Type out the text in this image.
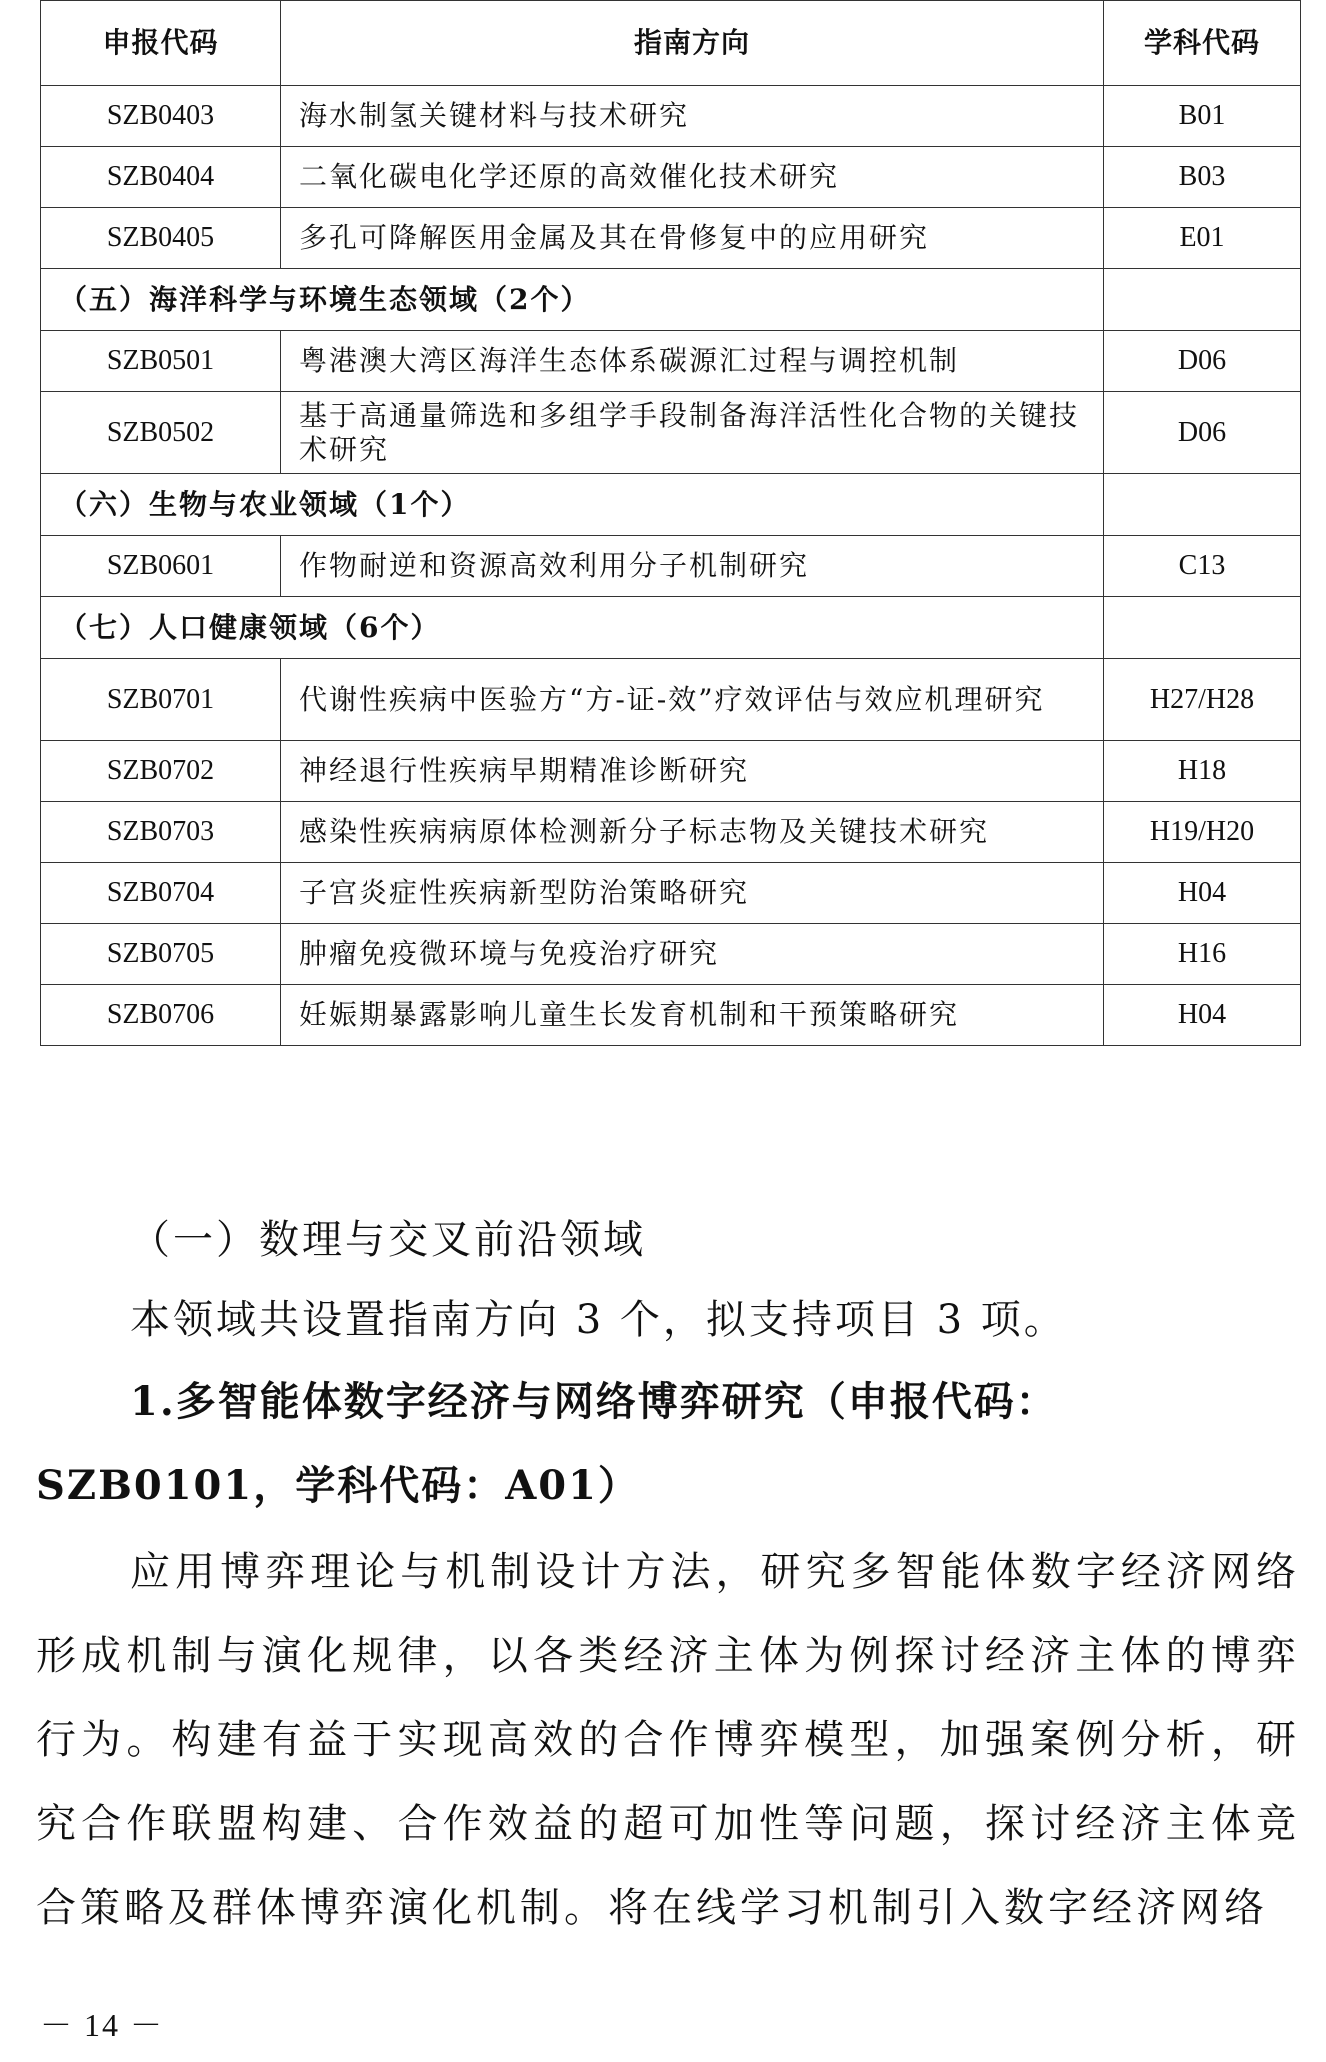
申报代码	指南方向	学科代码
SZB0403	海水制氢关键材料与技术研究	B01
SZB0404	二氧化碳电化学还原的高效催化技术研究	B03
SZB0405	多孔可降解医用金属及其在骨修复中的应用研究	E01
（五）海洋科学与环境生态领域（2个）		
SZB0501	粤港澳大湾区海洋生态体系碳源汇过程与调控机制	D06
SZB0502	基于高通量筛选和多组学手段制备海洋活性化合物的关键技术研究	D06
（六）生物与农业领域（1个）		
SZB0601	作物耐逆和资源高效利用分子机制研究	C13
（七）人口健康领域（6个）		
SZB0701	代谢性疾病中医验方“方-证-效”疗效评估与效应机理研究	H27/H28
SZB0702	神经退行性疾病早期精准诊断研究	H18
SZB0703	感染性疾病病原体检测新分子标志物及关键技术研究	H19/H20
SZB0704	子宫炎症性疾病新型防治策略研究	H04
SZB0705	肿瘤免疫微环境与免疫治疗研究	H16
SZB0706	妊娠期暴露影响儿童生长发育机制和干预策略研究	H04
（一）数理与交叉前沿领域
本领域共设置指南方向 3 个，拟支持项目 3 项。
1.多智能体数字经济与网络博弈研究（申报代码：SZB0101，学科代码：A01）
应用博弈理论与机制设计方法，研究多智能体数字经济网络形成机制与演化规律，以各类经济主体为例探讨经济主体的博弈行为。构建有益于实现高效的合作博弈模型，加强案例分析，研究合作联盟构建、合作效益的超可加性等问题，探讨经济主体竞合策略及群体博弈演化机制。将在线学习机制引入数字经济网络
－ 14 －
